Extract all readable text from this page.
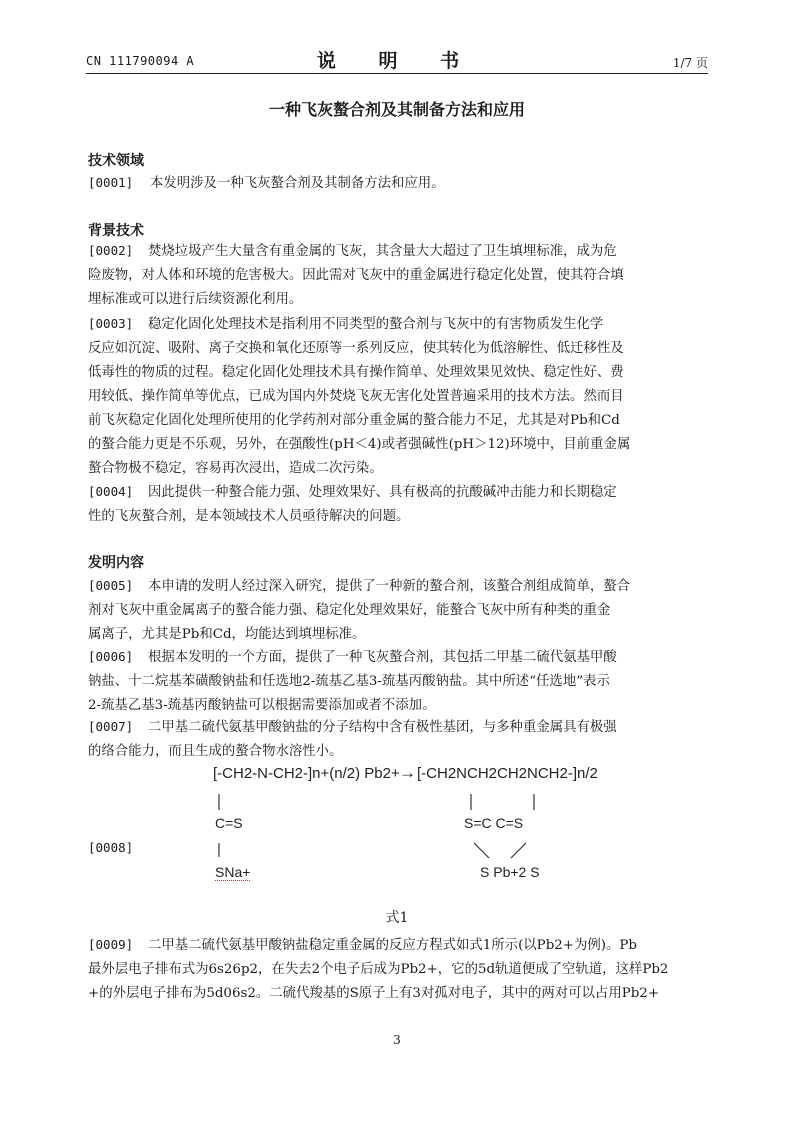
CN 111790094 A	说 明 书	1/7 页
一种飞灰螯合剂及其制备方法和应用
技术领域
[0001] 本发明涉及一种飞灰螯合剂及其制备方法和应用。
背景技术
[0002] 焚烧垃圾产生大量含有重金属的飞灰，其含量大大超过了卫生填埋标准，成为危
险废物，对人体和环境的危害极大。因此需对飞灰中的重金属进行稳定化处置，使其符合填
埋标准或可以进行后续资源化利用。
[0003] 稳定化固化处理技术是指利用不同类型的螯合剂与飞灰中的有害物质发生化学
反应如沉淀、吸附、离子交换和氧化还原等一系列反应，使其转化为低溶解性、低迁移性及
低毒性的物质的过程。稳定化固化处理技术具有操作简单、处理效果见效快、稳定性好、费
用较低、操作简单等优点，已成为国内外焚烧飞灰无害化处置普遍采用的技术方法。然而目
前飞灰稳定化固化处理所使用的化学药剂对部分重金属的螯合能力不足，尤其是对Pb和Cd
的螯合能力更是不乐观，另外，在强酸性(pH＜4)或者强碱性(pH＞12)环境中，目前重金属
螯合物极不稳定，容易再次浸出，造成二次污染。
[0004] 因此提供一种螯合能力强、处理效果好、具有极高的抗酸碱冲击能力和长期稳定
性的飞灰螯合剂，是本领域技术人员亟待解决的问题。
发明内容
[0005] 本申请的发明人经过深入研究，提供了一种新的螯合剂，该螯合剂组成简单，螯合
剂对飞灰中重金属离子的螯合能力强、稳定化处理效果好，能螯合飞灰中所有种类的重金
属离子，尤其是Pb和Cd，均能达到填埋标准。
[0006] 根据本发明的一个方面，提供了一种飞灰螯合剂，其包括二甲基二硫代氨基甲酸
钠盐、十二烷基苯磺酸钠盐和任选地2-巯基乙基3-巯基丙酸钠盐。其中所述“任选地”表示
2-巯基乙基3-巯基丙酸钠盐可以根据需要添加或者不添加。
[0007] 二甲基二硫代氨基甲酸钠盐的分子结构中含有极性基团，与多种重金属具有极强
的络合能力，而且生成的螯合物水溶性小。
[0008]
[-CH2-N-CH2-]n+(n/2) Pb2+ → [-CH2NCH2CH2NCH2-]n/2
C=S
SNa+
S=C C=S
S Pb+2 S
式1
[0009] 二甲基二硫代氨基甲酸钠盐稳定重金属的反应方程式如式1所示(以Pb2+为例)。Pb
最外层电子排布式为6s26p2，在失去2个电子后成为Pb2+，它的5d轨道便成了空轨道，这样Pb2
+的外层电子排布为5d06s2。二硫代羧基的S原子上有3对孤对电子，其中的两对可以占用Pb2+
3
